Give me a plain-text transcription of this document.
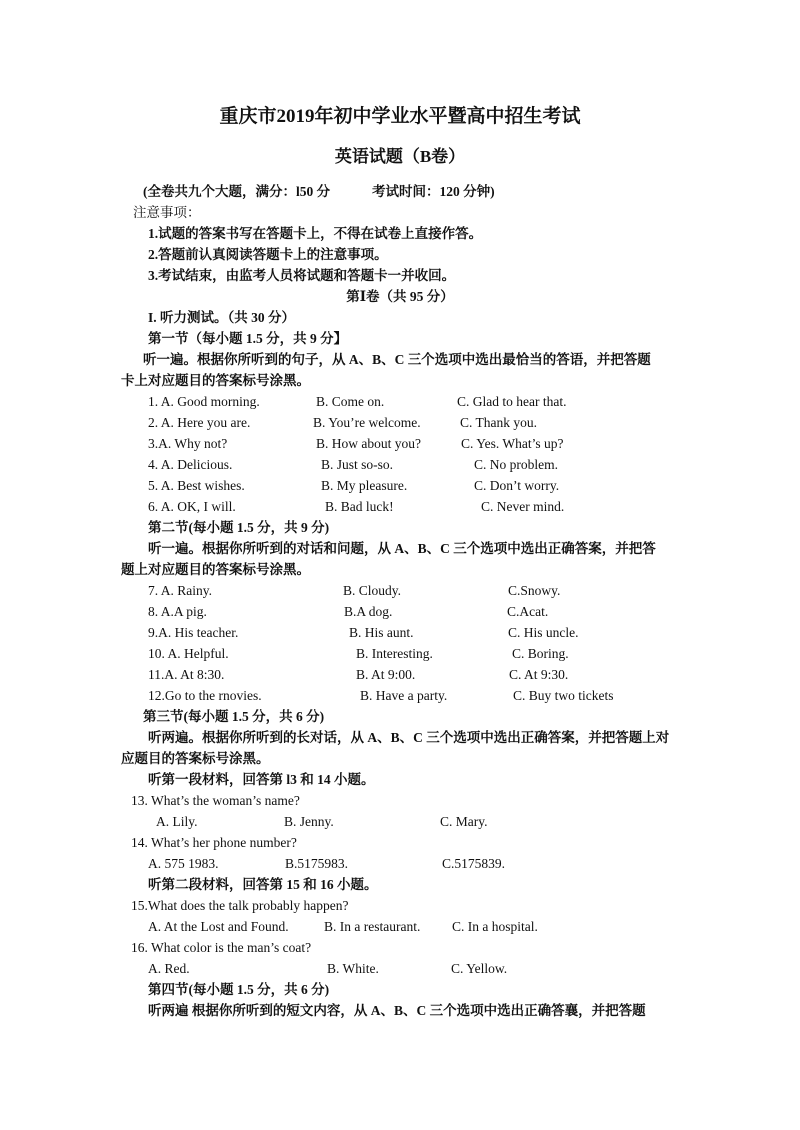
重庆市2019年初中学业水平暨高中招生考试
英语试题（B卷）
(全卷共九个大题，满分：l50 分	考试时间：120 分钟)
注意事项：
1.试题的答案书写在答题卡上，不得在试卷上直接作答。
2.答题前认真阅读答题卡上的注意事项。
3.考试结束，由监考人员将试题和答题卡一并收回。
第Ⅰ卷（共 95 分）
I. 听力测试。（共 30 分）
第一节（每小题 1.5 分，共 9 分】
听一遍。根据你所听到的句子，从 A、B、C 三个选项中选出最恰当的答语，并把答题
卡上对应题目的答案标号涂黑。
1. A. Good morning.	B. Come on.	C. Glad to hear that.
2. A. Here you are.	B. You’re welcome.	C. Thank you.
3.A. Why not?	B. How about you?	C. Yes. What’s up?
4. A. Delicious.	B. Just so-so.	C. No problem.
5. A. Best wishes.	B. My pleasure.	C. Don’t worry.
6. A. OK, I will.	B. Bad luck!	C. Never mind.
第二节(每小题 1.5 分，共 9 分)
听一遍。根据你所听到的对话和问题，从 A、B、C 三个选项中选出正确答案，并把答
题上对应题目的答案标号涂黑。
7. A. Rainy.	B. Cloudy.	C.Snowy.
8. A.A pig.	B.A dog.	C.Acat.
9.A. His teacher.	B. His aunt.	C. His uncle.
10. A. Helpful.	B. Interesting.	C. Boring.
11.A. At 8:30.	B. At 9:00.	C. At 9:30.
12.Go to the rnovies.	B. Have a party.	C. Buy two tickets
第三节(每小题 1.5 分，共 6 分)
听两遍。根据你所听到的长对话，从 A、B、C 三个选项中选出正确答案，并把答题上对
应题目的答案标号涂黑。
听第一段材料，回答第 l3 和 14 小题。
13. What’s the woman’s name?
A. Lily.	B. Jenny.	C. Mary.
14. What’s her phone number?
A. 575 1983.	B.5175983.	C.5175839.
听第二段材料，回答第 15 和 16 小题。
15.What does the talk probably happen?
A. At the Lost and Found.	B. In a restaurant. C. In a hospital.
16. What color is the man’s coat?
A. Red.	B. White.	C. Yellow.
第四节(每小题 1.5 分，共 6 分)
听两遍 根据你所听到的短文内容，从 A、B、C 三个选项中选出正确答襄，并把答题
